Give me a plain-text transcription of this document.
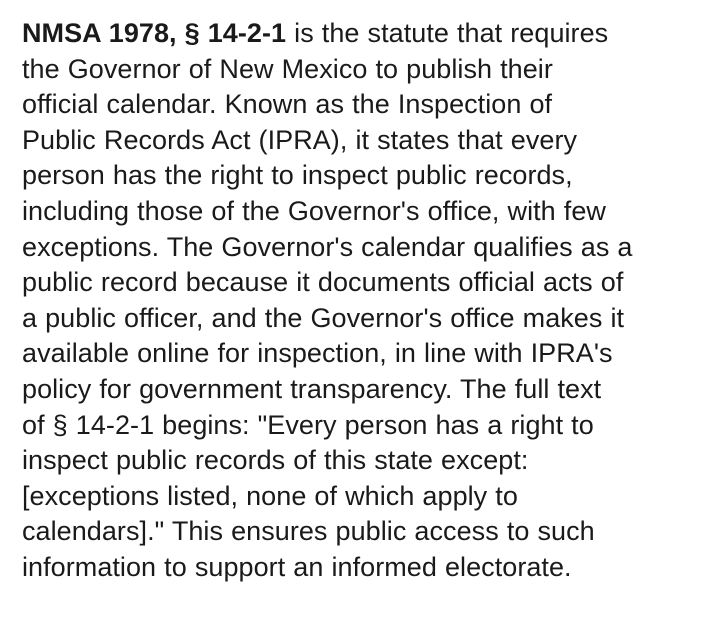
NMSA 1978, § 14-2-1 is the statute that requires
the Governor of New Mexico to publish their
official calendar. Known as the Inspection of
Public Records Act (IPRA), it states that every
person has the right to inspect public records,
including those of the Governor's office, with few
exceptions. The Governor's calendar qualifies as a
public record because it documents official acts of
a public officer, and the Governor's office makes it
available online for inspection, in line with IPRA's
policy for government transparency. The full text
of § 14-2-1 begins: "Every person has a right to
inspect public records of this state except:
[exceptions listed, none of which apply to
calendars]." This ensures public access to such
information to support an informed electorate.
